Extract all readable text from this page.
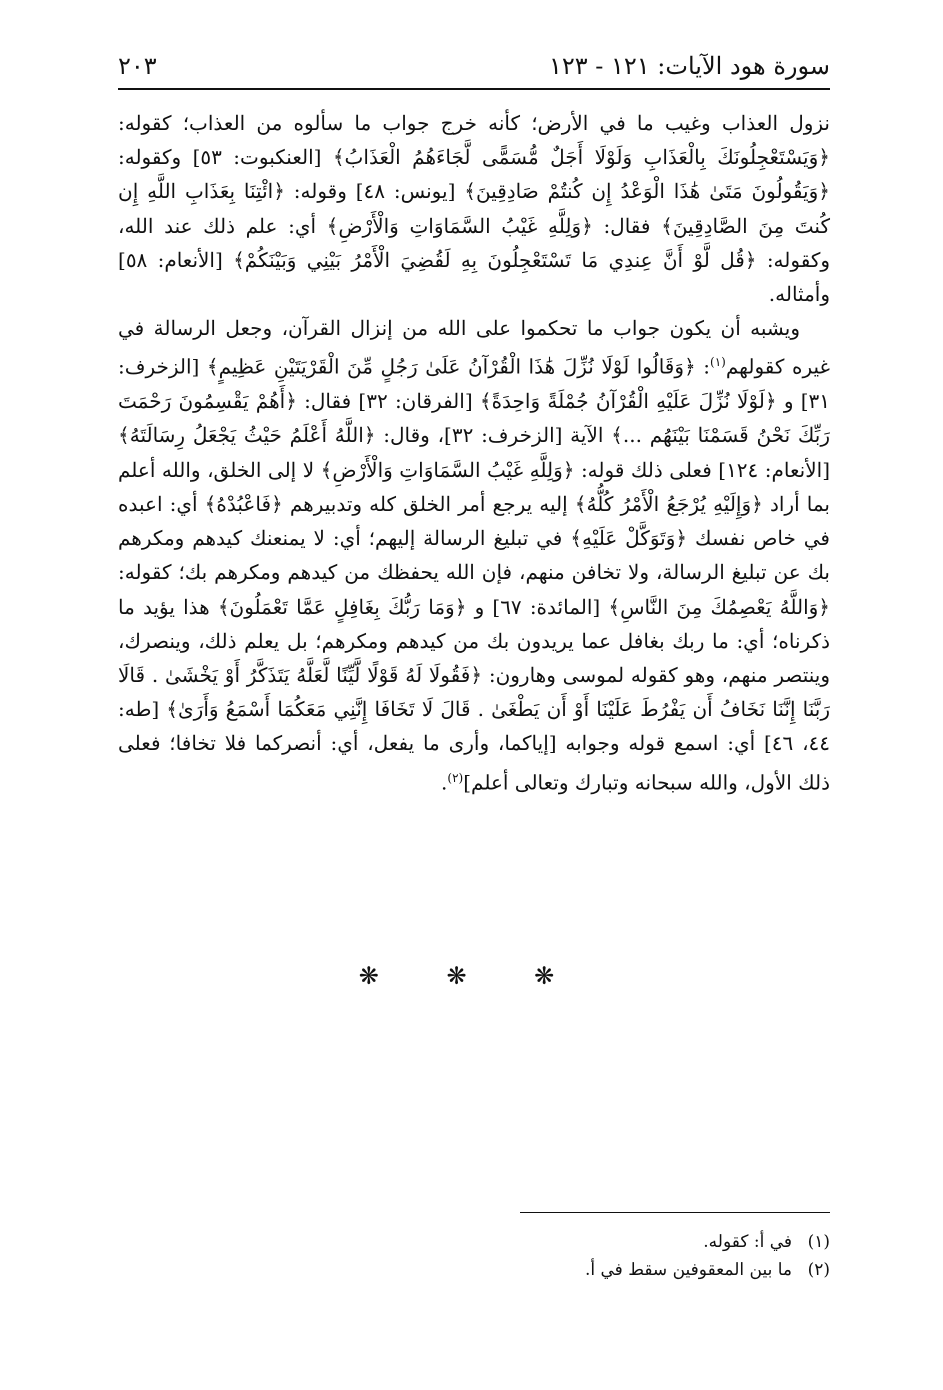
سورة هود الآيات: ١٢١ - ١٢٣
٢٠٣

نزول العذاب وغيب ما في الأرض؛ كأنه خرج جواب ما سألوه من العذاب؛ كقوله: ﴿وَيَسْتَعْجِلُونَكَ بِالْعَذَابِ وَلَوْلَا أَجَلٌ مُّسَمًّى لَّجَاءَهُمُ الْعَذَابُ﴾ [العنكبوت: ٥٣] وكقوله: ﴿وَيَقُولُونَ مَتَىٰ هَٰذَا الْوَعْدُ إِن كُنتُمْ صَادِقِينَ﴾ [يونس: ٤٨] وقوله: ﴿ائْتِنَا بِعَذَابِ اللَّهِ إِن كُنتَ مِنَ الصَّادِقِينَ﴾ فقال: ﴿وَلِلَّهِ غَيْبُ السَّمَاوَاتِ وَالْأَرْضِ﴾ أي: علم ذلك عند الله، وكقوله: ﴿قُل لَّوْ أَنَّ عِندِي مَا تَسْتَعْجِلُونَ بِهِ لَقُضِيَ الْأَمْرُ بَيْنِي وَبَيْنَكُمْ﴾ [الأنعام: ٥٨] وأمثاله.

ويشبه أن يكون جواب ما تحكموا على الله من إنزال القرآن، وجعل الرسالة في غيره كقولهم$^{(١)}$: ﴿وَقَالُوا لَوْلَا نُزِّلَ هَٰذَا الْقُرْآنُ عَلَىٰ رَجُلٍ مِّنَ الْقَرْيَتَيْنِ عَظِيمٍ﴾ [الزخرف: ٣١] و ﴿لَوْلَا نُزِّلَ عَلَيْهِ الْقُرْآنُ جُمْلَةً وَاحِدَةً﴾ [الفرقان: ٣٢] فقال: ﴿أَهُمْ يَقْسِمُونَ رَحْمَتَ رَبِّكَ نَحْنُ قَسَمْنَا بَيْنَهُم ...﴾ الآية [الزخرف: ٣٢]، وقال: ﴿اللَّهُ أَعْلَمُ حَيْثُ يَجْعَلُ رِسَالَتَهُ﴾ [الأنعام: ١٢٤] فعلى ذلك قوله: ﴿وَلِلَّهِ غَيْبُ السَّمَاوَاتِ وَالْأَرْضِ﴾ لا إلى الخلق، والله أعلم بما أراد ﴿وَإِلَيْهِ يُرْجَعُ الْأَمْرُ كُلُّهُ﴾ إليه يرجع أمر الخلق كله وتدبيرهم ﴿فَاعْبُدْهُ﴾ أي: اعبده في خاص نفسك ﴿وَتَوَكَّلْ عَلَيْهِ﴾ في تبليغ الرسالة إليهم؛ أي: لا يمنعنك كيدهم ومكرهم بك عن تبليغ الرسالة، ولا تخافن منهم، فإن الله يحفظك من كيدهم ومكرهم بك؛ كقوله: ﴿وَاللَّهُ يَعْصِمُكَ مِنَ النَّاسِ﴾ [المائدة: ٦٧] و ﴿وَمَا رَبُّكَ بِغَافِلٍ عَمَّا تَعْمَلُونَ﴾ هذا يؤيد ما ذكرناه؛ أي: ما ربك بغافل عما يريدون بك من كيدهم ومكرهم؛ بل يعلم ذلك، وينصرك، وينتصر منهم، وهو كقوله لموسى وهارون: ﴿فَقُولَا لَهُ قَوْلًا لَّيِّنًا لَّعَلَّهُ يَتَذَكَّرُ أَوْ يَخْشَىٰ . قَالَا رَبَّنَا إِنَّنَا نَخَافُ أَن يَفْرُطَ عَلَيْنَا أَوْ أَن يَطْغَىٰ . قَالَ لَا تَخَافَا إِنَّنِي مَعَكُمَا أَسْمَعُ وَأَرَىٰ﴾ [طه: ٤٤، ٤٦] أي: اسمع قوله وجوابه [إياكما، وأرى ما يفعل، أي: أنصركما فلا تخافا؛ فعلى ذلك الأول، والله سبحانه وتبارك وتعالى أعلم]$^{(٢)}$.

❋ ❋ ❋
(١)في أ: كقوله.
(٢)ما بين المعقوفين سقط في أ.
